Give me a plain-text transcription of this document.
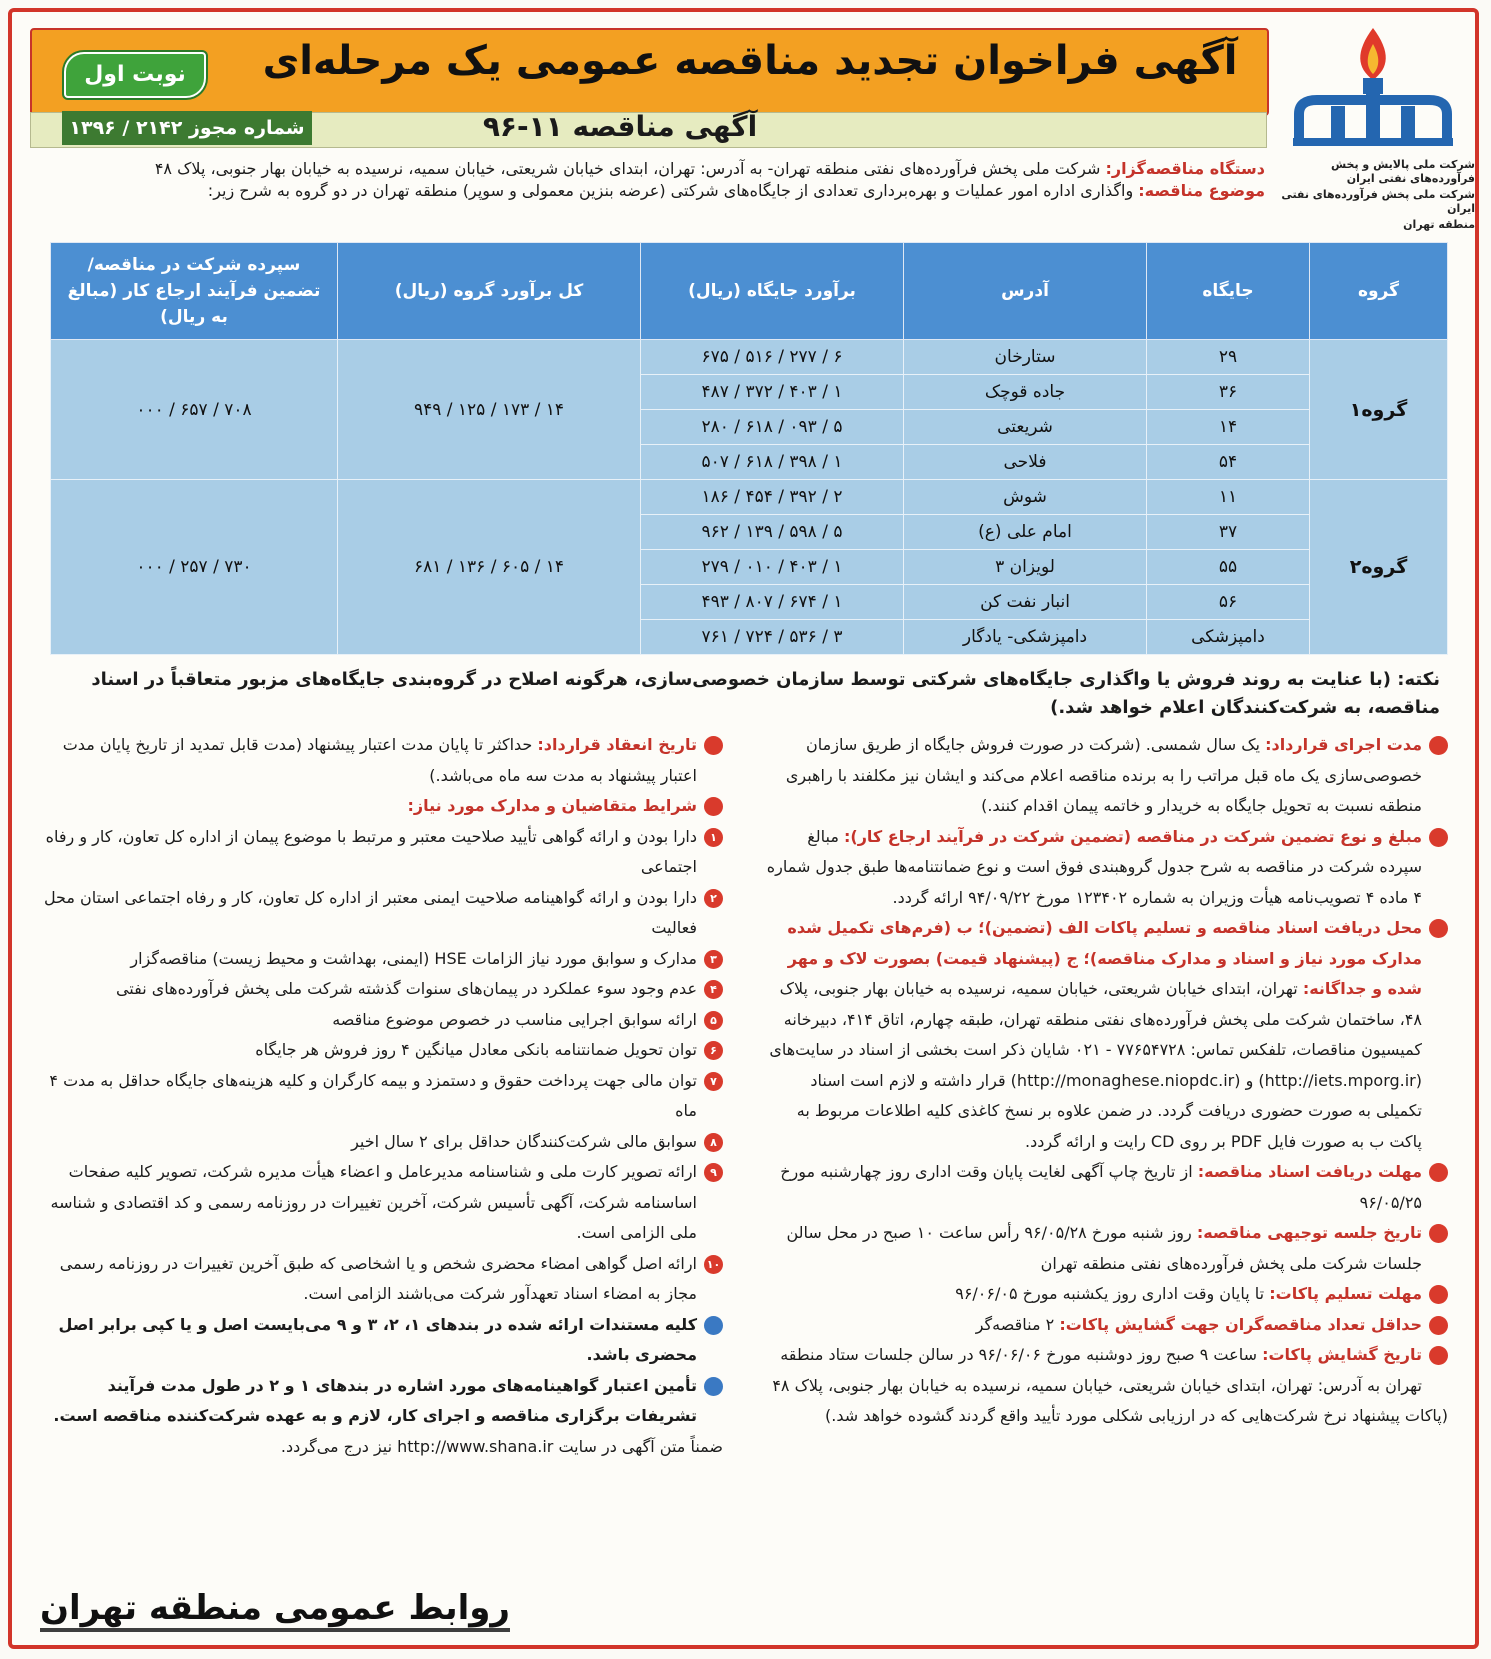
آگهی فراخوان تجدید مناقصه عمومی یک مرحله‌ای
نوبت اول
شماره مجوز ۲۱۴۲ / ۱۳۹۶	آگهی مناقصه ۱۱-۹۶
شرکت ملی پالایش و پخش فرآورده‌های نفتی ایران
شرکت ملی پخش فرآورده‌های نفتی ایران
منطقه تهران
دستگاه مناقصه‌گزار: شرکت ملی پخش فرآورده‌های نفتی منطقه تهران- به آدرس: تهران، ابتدای خیابان شریعتی، خیابان سمیه، نرسیده به خیابان بهار جنوبی، پلاک ۴۸
موضوع مناقصه: واگذاری اداره امور عملیات و بهره‌برداری تعدادی از جایگاه‌های شرکتی (عرضه بنزین معمولی و سوپر) منطقه تهران در دو گروه به شرح زیر:
گروه	جایگاه	آدرس	برآورد جایگاه (ریال)	کل برآورد گروه (ریال)	سپرده شرکت در مناقصه/ تضمین فرآیند ارجاع کار (مبالغ به ریال)
گروه۱	۲۹	ستارخان	۶ / ۲۷۷ / ۵۱۶ / ۶۷۵	۱۴ / ۱۷۳ / ۱۲۵ / ۹۴۹	۷۰۸ / ۶۵۷ / ۰۰۰
	۳۶	جاده قوچک	۱ / ۴۰۳ / ۳۷۲ / ۴۸۷		
	۱۴	شریعتی	۵ / ۰۹۳ / ۶۱۸ / ۲۸۰		
	۵۴	فلاحی	۱ / ۳۹۸ / ۶۱۸ / ۵۰۷		
گروه۲	۱۱	شوش	۲ / ۳۹۲ / ۴۵۴ / ۱۸۶	۱۴ / ۶۰۵ / ۱۳۶ / ۶۸۱	۷۳۰ / ۲۵۷ / ۰۰۰
	۳۷	امام علی (ع)	۵ / ۵۹۸ / ۱۳۹ / ۹۶۲		
	۵۵	لویزان ۳	۱ / ۴۰۳ / ۰۱۰ / ۲۷۹		
	۵۶	انبار نفت کن	۱ / ۶۷۴ / ۸۰۷ / ۴۹۳		
	دامپزشکی	دامپزشکی- یادگار	۳ / ۵۳۶ / ۷۲۴ / ۷۶۱		
نکته: (با عنایت به روند فروش یا واگذاری جایگاه‌های شرکتی توسط سازمان خصوصی‌سازی، هرگونه اصلاح در گروه‌بندی جایگاه‌های مزبور متعاقباً در اسناد مناقصه، به شرکت‌کنندگان اعلام خواهد شد.)
مدت اجرای قرارداد: یک سال شمسی. (شرکت در صورت فروش جایگاه از طریق سازمان خصوصی‌سازی یک ماه قبل مراتب را به برنده مناقصه اعلام می‌کند و ایشان نیز مکلفند با راهبری منطقه نسبت به تحویل جایگاه به خریدار و خاتمه پیمان اقدام کنند.)
مبلغ و نوع تضمین شرکت در مناقصه (تضمین شرکت در فرآیند ارجاع کار): مبالغ سپرده شرکت در مناقصه به شرح جدول گروهبندی فوق است و نوع ضمانتنامه‌ها طبق جدول شماره ۴ ماده ۴ تصویب‌نامه هیأت وزیران به شماره ۱۲۳۴۰۲ مورخ ۹۴/۰۹/۲۲ ارائه گردد.
محل دریافت اسناد مناقصه و تسلیم پاکات الف (تضمین)؛ ب (فرم‌های تکمیل شده مدارک مورد نیاز و اسناد و مدارک مناقصه)؛ ج (پیشنهاد قیمت) بصورت لاک و مهر شده و جداگانه: تهران، ابتدای خیابان شریعتی، خیابان سمیه، نرسیده به خیابان بهار جنوبی، پلاک ۴۸، ساختمان شرکت ملی پخش فرآورده‌های نفتی منطقه تهران، طبقه چهارم، اتاق ۴۱۴، دبیرخانه کمیسیون مناقصات، تلفکس تماس: ۷۷۶۵۴۷۲۸ - ۰۲۱ شایان ذکر است بخشی از اسناد در سایت‌های (http://iets.mporg.ir) و (http://monaghese.niopdc.ir) قرار داشته و لازم است اسناد تکمیلی به صورت حضوری دریافت گردد. در ضمن علاوه بر نسخ کاغذی کلیه اطلاعات مربوط به پاکت ب به صورت فایل PDF بر روی CD رایت و ارائه گردد.
مهلت دریافت اسناد مناقصه: از تاریخ چاپ آگهی لغایت پایان وقت اداری روز چهارشنبه مورخ ۹۶/۰۵/۲۵
تاریخ جلسه توجیهی مناقصه: روز شنبه مورخ ۹۶/۰۵/۲۸ رأس ساعت ۱۰ صبح در محل سالن جلسات شرکت ملی پخش فرآورده‌های نفتی منطقه تهران
مهلت تسلیم پاکات: تا پایان وقت اداری روز یکشنبه مورخ ۹۶/۰۶/۰۵
حداقل تعداد مناقصه‌گران جهت گشایش پاکات: ۲ مناقصه‌گر
تاریخ گشایش پاکات: ساعت ۹ صبح روز دوشنبه مورخ ۹۶/۰۶/۰۶ در سالن جلسات ستاد منطقه تهران به آدرس: تهران، ابتدای خیابان شریعتی، خیابان سمیه، نرسیده به خیابان بهار جنوبی، پلاک ۴۸
(پاکات پیشنهاد نرخ شرکت‌هایی که در ارزیابی شکلی مورد تأیید واقع گردند گشوده خواهد شد.)
تاریخ انعقاد قرارداد: حداکثر تا پایان مدت اعتبار پیشنهاد (مدت قابل تمدید از تاریخ پایان مدت اعتبار پیشنهاد به مدت سه ماه می‌باشد.)
شرایط متقاضیان و مدارک مورد نیاز:
۱
دارا بودن و ارائه گواهی تأیید صلاحیت معتبر و مرتبط با موضوع پیمان از اداره کل تعاون، کار و رفاه اجتماعی
۲
دارا بودن و ارائه گواهینامه صلاحیت ایمنی معتبر از اداره کل تعاون، کار و رفاه اجتماعی استان محل فعالیت
۳
مدارک و سوابق مورد نیاز الزامات HSE (ایمنی، بهداشت و محیط زیست) مناقصه‌گزار
۴
عدم وجود سوء عملکرد در پیمان‌های سنوات گذشته شرکت ملی پخش فرآورده‌های نفتی
۵
ارائه سوابق اجرایی مناسب در خصوص موضوع مناقصه
۶
توان تحویل ضمانتنامه بانکی معادل میانگین ۴ روز فروش هر جایگاه
۷
توان مالی جهت پرداخت حقوق و دستمزد و بیمه کارگران و کلیه هزینه‌های جایگاه حداقل به مدت ۴ ماه
۸
سوابق مالی شرکت‌کنندگان حداقل برای ۲ سال اخیر
۹
ارائه تصویر کارت ملی و شناسنامه مدیرعامل و اعضاء هیأت مدیره شرکت، تصویر کلیه صفحات اساسنامه شرکت، آگهی تأسیس شرکت، آخرین تغییرات در روزنامه رسمی و کد اقتصادی و شناسه ملی الزامی است.
۱۰
ارائه اصل گواهی امضاء محضری شخص و یا اشخاصی که طبق آخرین تغییرات در روزنامه رسمی مجاز به امضاء اسناد تعهدآور شرکت می‌باشند الزامی است.
کلیه مستندات ارائه شده در بندهای ۱، ۲، ۳ و ۹ می‌بایست اصل و یا کپی برابر اصل محضری باشد.
تأمین اعتبار گواهینامه‌های مورد اشاره در بندهای ۱ و ۲ در طول مدت فرآیند تشریفات برگزاری مناقصه و اجرای کار، لازم و به عهده شرکت‌کننده مناقصه است.
ضمناً متن آگهی در سایت http://www.shana.ir نیز درج می‌گردد.
روابط عمومی منطقه تهران
